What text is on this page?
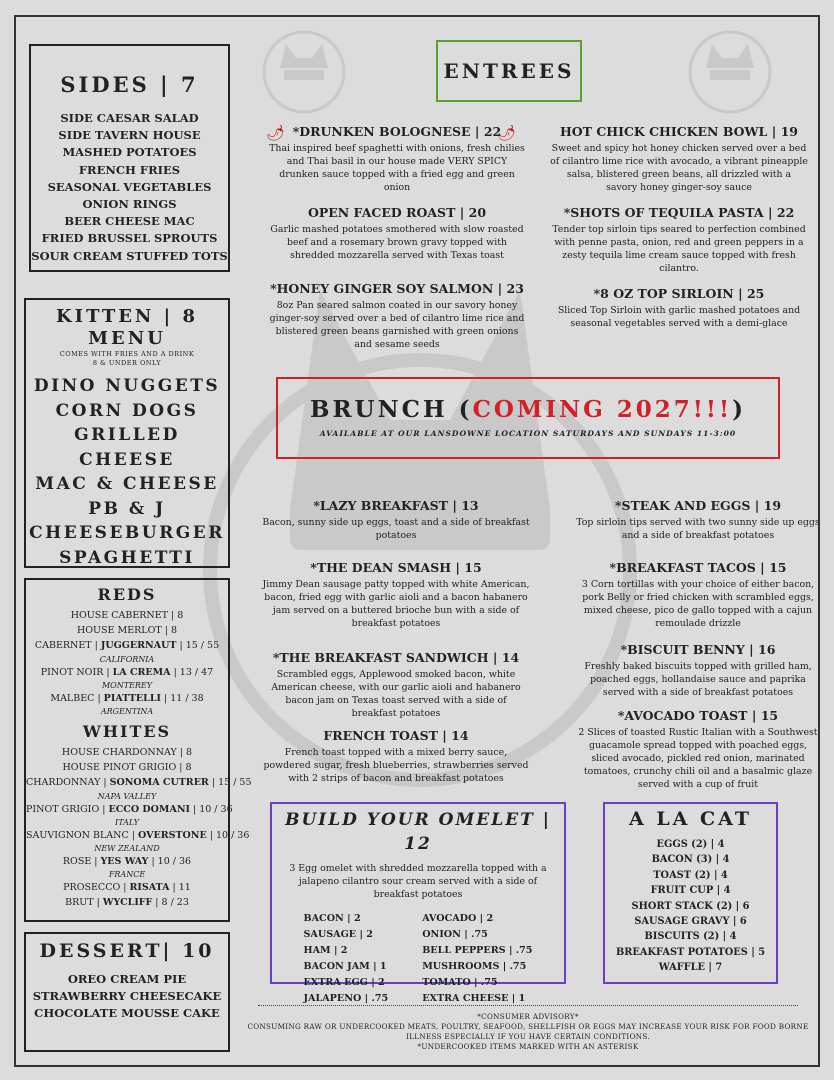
SIDES | 7
SIDE CAESAR SALAD
SIDE TAVERN HOUSE
MASHED POTATOES
FRENCH FRIES
SEASONAL VEGETABLES
ONION RINGS
BEER CHEESE MAC
FRIED BRUSSEL SPROUTS
SOUR CREAM STUFFED TOTS
KITTEN | 8
MENU
COMES WITH FRIES AND A DRINK
8 & UNDER ONLY
DINO NUGGETS
CORN DOGS
GRILLED CHEESE
MAC & CHEESE
PB & J
CHEESEBURGER
SPAGHETTI
REDS
HOUSE CABERNET | 8
HOUSE MERLOT | 8
CABERNET | JUGGERNAUT | 15 / 55
CALIFORNIA
PINOT NOIR | LA CREMA | 13 / 47
MONTEREY
MALBEC | PIATTELLI | 11 / 38
ARGENTINA
WHITES
HOUSE CHARDONNAY | 8
HOUSE PINOT GRIGIO | 8
CHARDONNAY | SONOMA CUTRER | 15 / 55
NAPA VALLEY
PINOT GRIGIO | ECCO DOMANI | 10 / 36
ITALY
SAUVIGNON BLANC | OVERSTONE | 10 / 36
NEW ZEALAND
ROSE | YES WAY | 10 / 36
FRANCE
PROSECCO | RISATA | 11
BRUT | WYCLIFF | 8 / 23
DESSERT| 10
OREO CREAM PIE
STRAWBERRY CHEESECAKE
CHOCOLATE MOUSSE CAKE
ENTREES
🌶	🌶
*DRUNKEN BOLOGNESE | 22
Thai inspired beef spaghetti with onions, fresh chilies and Thai basil in our house made VERY SPICY drunken sauce topped with a fried egg and green onion
OPEN FACED ROAST | 20
Garlic mashed potatoes smothered with slow roasted beef and a rosemary brown gravy topped with shredded mozzarella served with Texas toast
*HONEY GINGER SOY SALMON | 23
8oz Pan seared salmon coated in our savory honey ginger-soy served over a bed of cilantro lime rice and blistered green beans garnished with green onions and sesame seeds
HOT CHICK CHICKEN BOWL | 19
Sweet and spicy hot honey chicken served over a bed of cilantro lime rice with avocado, a vibrant pineapple salsa, blistered green beans, all drizzled with a savory honey ginger-soy sauce
*SHOTS OF TEQUILA PASTA | 22
Tender top sirloin tips seared to perfection combined with penne pasta, onion, red and green peppers in a zesty tequila lime cream sauce topped with fresh cilantro.
*8 OZ TOP SIRLOIN | 25
Sliced Top Sirloin with garlic mashed potatoes and seasonal vegetables served with a demi-glace
BRUNCH (COMING 2027!!!)
AVAILABLE AT OUR LANSDOWNE LOCATION SATURDAYS AND SUNDAYS 11-3:00
*LAZY BREAKFAST | 13
Bacon, sunny side up eggs, toast and a side of breakfast potatoes
*THE DEAN SMASH | 15
Jimmy Dean sausage patty topped with white American, bacon, fried egg with garlic aioli and a bacon habanero jam served on a buttered brioche bun with a side of breakfast potatoes
*THE BREAKFAST SANDWICH | 14
Scrambled eggs, Applewood smoked bacon, white American cheese, with our garlic aioli and habanero bacon jam on Texas toast served with a side of breakfast potatoes
FRENCH TOAST | 14
French toast topped with a mixed berry sauce, powdered sugar, fresh blueberries, strawberries served with 2 strips of bacon and breakfast potatoes
*STEAK AND EGGS | 19
Top sirloin tips served with two sunny side up eggs and a side of breakfast potatoes
*BREAKFAST TACOS | 15
3 Corn tortillas with your choice of either bacon, pork Belly or fried chicken with scrambled eggs, mixed cheese, pico de gallo topped with a cajun remoulade drizzle
*BISCUIT BENNY | 16
Freshly baked biscuits topped with grilled ham, poached eggs, hollandaise sauce and paprika served with a side of breakfast potatoes
*AVOCADO TOAST | 15
2 Slices of toasted Rustic Italian with a Southwest guacamole spread topped with poached eggs, sliced avocado, pickled red onion, marinated tomatoes, crunchy chili oil and a basalmic glaze served with a cup of fruit
BUILD YOUR OMELET | 12
3 Egg omelet with shredded mozzarella topped with a jalapeno cilantro sour cream served with a side of breakfast potatoes
BACON | 2
SAUSAGE | 2
HAM | 2
BACON JAM | 1
EXTRA EGG | 2
JALAPENO | .75
AVOCADO | 2
ONION | .75
BELL PEPPERS | .75
MUSHROOMS | .75
TOMATO | .75
EXTRA CHEESE | 1
A LA CAT
EGGS (2) | 4
BACON (3) | 4
TOAST (2) | 4
FRUIT CUP | 4
SHORT STACK (2) | 6
SAUSAGE GRAVY | 6
BISCUITS (2) | 4
BREAKFAST POTATOES | 5
WAFFLE | 7
*CONSUMER ADVISORY*
CONSUMING RAW OR UNDERCOOKED MEATS, POULTRY, SEAFOOD, SHELLFISH OR EGGS MAY INCREASE YOUR RISK FOR FOOD BORNE
ILLNESS ESPECIALLY IF YOU HAVE CERTAIN CONDITIONS.
*UNDERCOOKED ITEMS MARKED WITH AN ASTERISK
